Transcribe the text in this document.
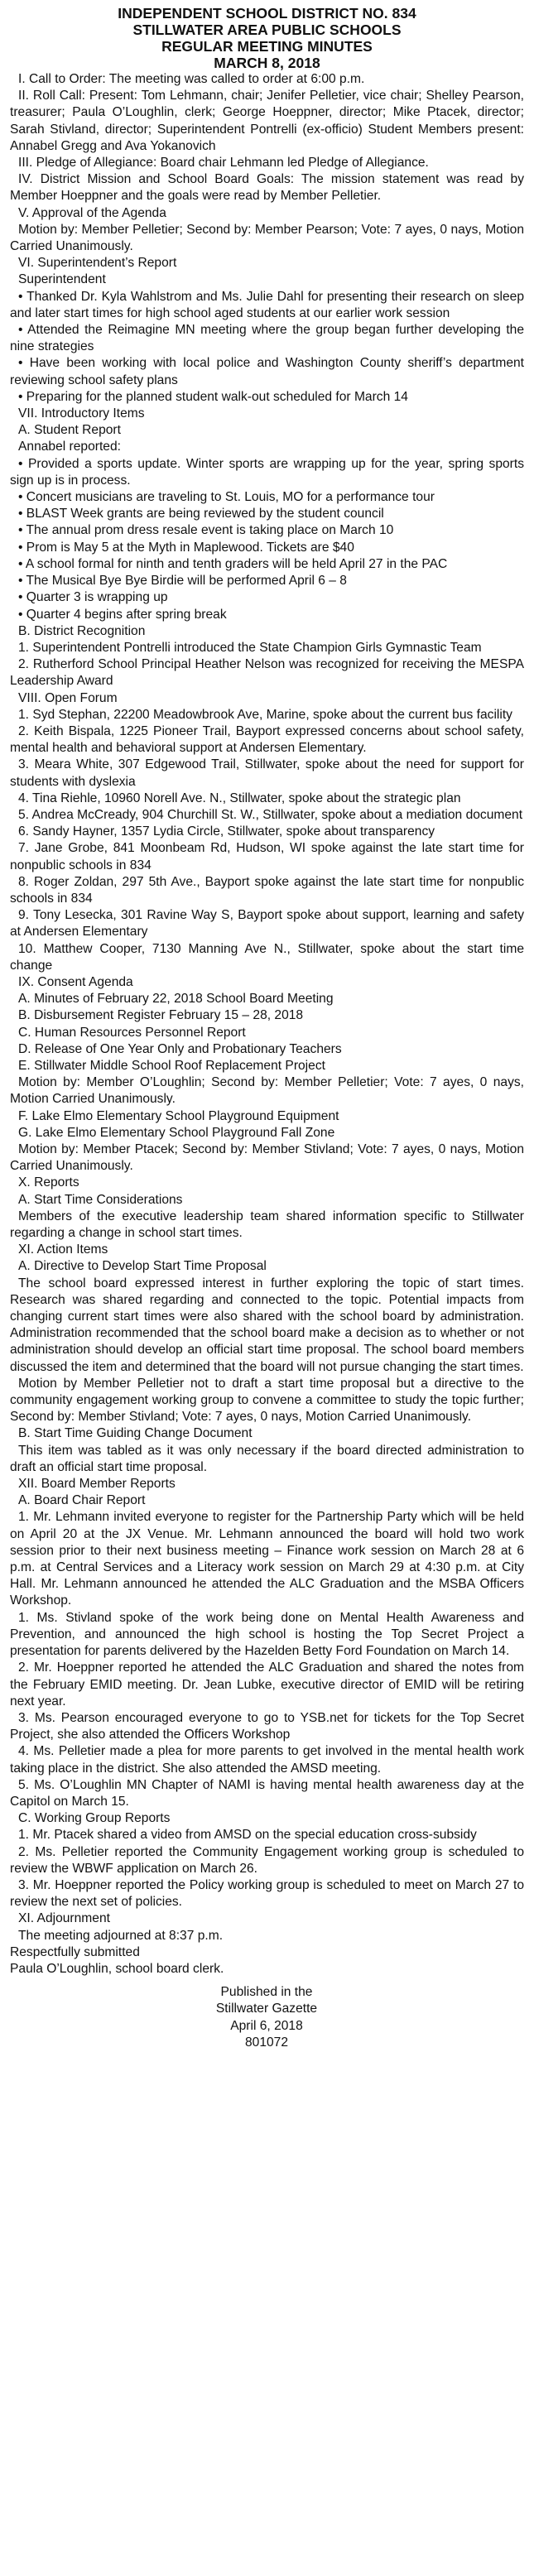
INDEPENDENT SCHOOL DISTRICT NO. 834
STILLWATER AREA PUBLIC SCHOOLS
REGULAR MEETING MINUTES
MARCH 8, 2018
I. Call to Order: The meeting was called to order at 6:00 p.m.
II. Roll Call: Present: Tom Lehmann, chair; Jenifer Pelletier, vice chair; Shelley Pearson, treasurer; Paula O’Loughlin, clerk; George Hoeppner, director; Mike Ptacek, director; Sarah Stivland, director; Superintendent Pontrelli (ex-officio) Student Members present: Annabel Gregg and Ava Yokanovich
III. Pledge of Allegiance: Board chair Lehmann led Pledge of Allegiance.
IV. District Mission and School Board Goals: The mission statement was read by Member Hoeppner and the goals were read by Member Pelletier.
V. Approval of the Agenda
Motion by: Member Pelletier; Second by: Member Pearson; Vote: 7 ayes, 0 nays, Motion Carried Unanimously.
VI. Superintendent’s Report
Superintendent
• Thanked Dr. Kyla Wahlstrom and Ms. Julie Dahl for presenting their research on sleep and later start times for high school aged students at our earlier work session
• Attended the Reimagine MN meeting where the group began further developing the nine strategies
• Have been working with local police and Washington County sheriff’s department reviewing school safety plans
• Preparing for the planned student walk-out scheduled for March 14
VII. Introductory Items
A. Student Report
Annabel reported:
• Provided a sports update. Winter sports are wrapping up for the year, spring sports sign up is in process.
• Concert musicians are traveling to St. Louis, MO for a performance tour
• BLAST Week grants are being reviewed by the student council
• The annual prom dress resale event is taking place on March 10
• Prom is May 5 at the Myth in Maplewood. Tickets are $40
• A school formal for ninth and tenth graders will be held April 27 in the PAC
• The Musical Bye Bye Birdie will be performed April 6 – 8
• Quarter 3 is wrapping up
• Quarter 4 begins after spring break
B. District Recognition
1. Superintendent Pontrelli introduced the State Champion Girls Gymnastic Team
2. Rutherford School Principal Heather Nelson was recognized for receiving the MESPA Leadership Award
VIII. Open Forum
1. Syd Stephan, 22200 Meadowbrook Ave, Marine, spoke about the current bus facility
2. Keith Bispala, 1225 Pioneer Trail, Bayport expressed concerns about school safety, mental health and behavioral support at Andersen Elementary.
3. Meara White, 307 Edgewood Trail, Stillwater, spoke about the need for support for students with dyslexia
4. Tina Riehle, 10960 Norell Ave. N., Stillwater, spoke about the strategic plan
5. Andrea McCready, 904 Churchill St. W., Stillwater, spoke about a mediation document
6. Sandy Hayner, 1357 Lydia Circle, Stillwater, spoke about transparency
7. Jane Grobe, 841 Moonbeam Rd, Hudson, WI spoke against the late start time for nonpublic schools in 834
8. Roger Zoldan, 297 5th Ave., Bayport spoke against the late start time for nonpublic schools in 834
9. Tony Lesecka, 301 Ravine Way S, Bayport spoke about support, learning and safety at Andersen Elementary
10. Matthew Cooper, 7130 Manning Ave N., Stillwater, spoke about the start time change
IX. Consent Agenda
A. Minutes of February 22, 2018 School Board Meeting
B. Disbursement Register February 15 – 28, 2018
C. Human Resources Personnel Report
D. Release of One Year Only and Probationary Teachers
E. Stillwater Middle School Roof Replacement Project
Motion by: Member O’Loughlin; Second by: Member Pelletier; Vote: 7 ayes, 0 nays, Motion Carried Unanimously.
F. Lake Elmo Elementary School Playground Equipment
G. Lake Elmo Elementary School Playground Fall Zone
Motion by: Member Ptacek; Second by: Member Stivland; Vote: 7 ayes, 0 nays, Motion Carried Unanimously.
X. Reports
A. Start Time Considerations
Members of the executive leadership team shared information specific to Stillwater regarding a change in school start times.
XI. Action Items
A. Directive to Develop Start Time Proposal
The school board expressed interest in further exploring the topic of start times. Research was shared regarding and connected to the topic. Potential impacts from changing current start times were also shared with the school board by administration. Administration recommended that the school board make a decision as to whether or not administration should develop an official start time proposal. The school board members discussed the item and determined that the board will not pursue changing the start times.
Motion by Member Pelletier not to draft a start time proposal but a directive to the community engagement working group to convene a committee to study the topic further; Second by: Member Stivland; Vote: 7 ayes, 0 nays, Motion Carried Unanimously.
B. Start Time Guiding Change Document
This item was tabled as it was only necessary if the board directed administration to draft an official start time proposal.
XII. Board Member Reports
A. Board Chair Report
1. Mr. Lehmann invited everyone to register for the Partnership Party which will be held on April 20 at the JX Venue. Mr. Lehmann announced the board will hold two work session prior to their next business meeting – Finance work session on March 28 at 6 p.m. at Central Services and a Literacy work session on March 29 at 4:30 p.m. at City Hall. Mr. Lehmann announced he attended the ALC Graduation and the MSBA Officers Workshop.
1. Ms. Stivland spoke of the work being done on Mental Health Awareness and Prevention, and announced the high school is hosting the Top Secret Project a presentation for parents delivered by the Hazelden Betty Ford Foundation on March 14.
2. Mr. Hoeppner reported he attended the ALC Graduation and shared the notes from the February EMID meeting. Dr. Jean Lubke, executive director of EMID will be retiring next year.
3. Ms. Pearson encouraged everyone to go to YSB.net for tickets for the Top Secret Project, she also attended the Officers Workshop
4. Ms. Pelletier made a plea for more parents to get involved in the mental health work taking place in the district. She also attended the AMSD meeting.
5. Ms. O’Loughlin MN Chapter of NAMI is having mental health awareness day at the Capitol on March 15.
C. Working Group Reports
1. Mr. Ptacek shared a video from AMSD on the special education cross-subsidy
2. Ms. Pelletier reported the Community Engagement working group is scheduled to review the WBWF application on March 26.
3. Mr. Hoeppner reported the Policy working group is scheduled to meet on March 27 to review the next set of policies.
XI. Adjournment
The meeting adjourned at 8:37 p.m.
Respectfully submitted
Paula O’Loughlin, school board clerk.
Published in the
Stillwater Gazette
April 6, 2018
801072
